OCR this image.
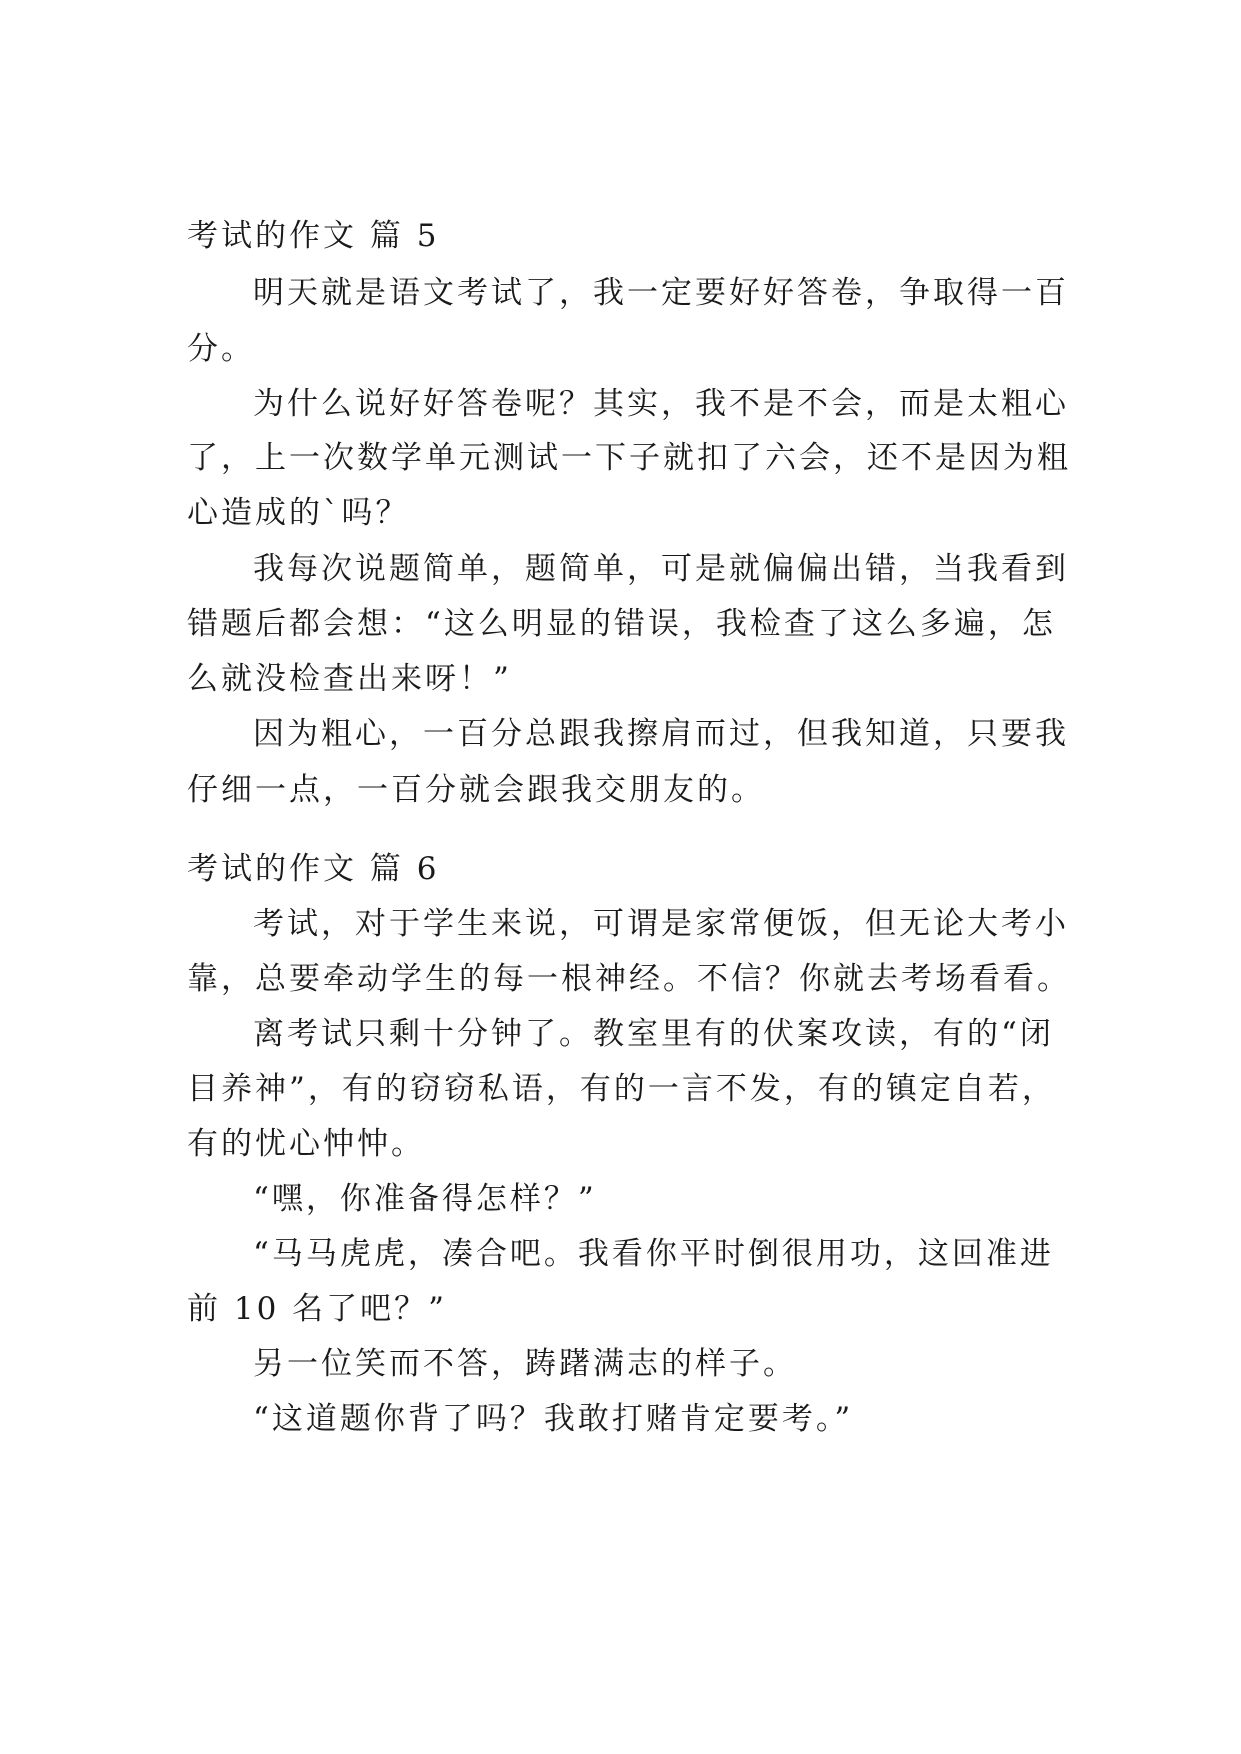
考试的作文 篇 5
明天就是语文考试了，我一定要好好答卷，争取得一百
分。
为什么说好好答卷呢？其实，我不是不会，而是太粗心
了，上一次数学单元测试一下子就扣了六会，还不是因为粗
心造成的`吗？
我每次说题简单，题简单，可是就偏偏出错，当我看到
错题后都会想：“这么明显的错误，我检查了这么多遍，怎
么就没检查出来呀！”
因为粗心，一百分总跟我擦肩而过，但我知道，只要我
仔细一点，一百分就会跟我交朋友的。
考试的作文 篇 6
考试，对于学生来说，可谓是家常便饭，但无论大考小
靠，总要牵动学生的每一根神经。不信？你就去考场看看。
离考试只剩十分钟了。教室里有的伏案攻读，有的“闭
目养神”，有的窃窃私语，有的一言不发，有的镇定自若，
有的忧心忡忡。
“嘿，你准备得怎样？”
“马马虎虎，凑合吧。我看你平时倒很用功，这回准进
前 10 名了吧？”
另一位笑而不答，踌躇满志的样子。
“这道题你背了吗？我敢打赌肯定要考。”
